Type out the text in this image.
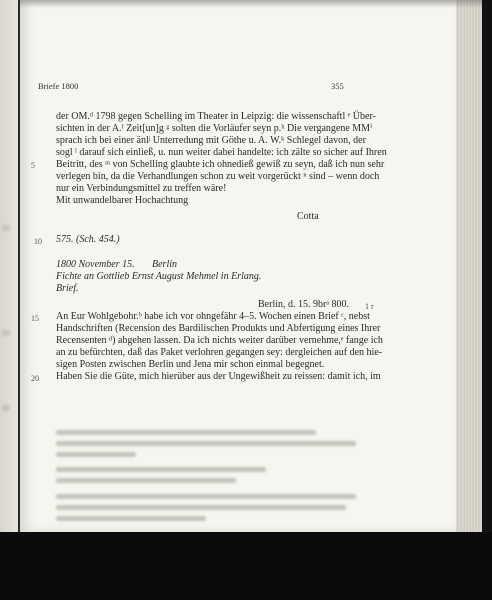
Briefe 1800	355
der OM.ᵈ 1798 gegen Schelling im Theater in Leipzig: die wissenschaftl ᵉ Über-
sichten in der A.ᶠ Zeit[un]g ᵍ solten die Vorläufer seyn p.ʰ Die vergangene MMⁱ
sprach ich bei einer änlʲ Unterredung mit Göthe u. A. W.ᵏ Schlegel davon, der
sogl ˡ darauf sich einließ, u. nun weiter dabei handelte: ich zälte so sicher auf Ihren
5 Beitritt, des ᵐ von Schelling glaubte ich ohnedieß gewiß zu seyn, daß ich nun sehr
verlegen bin, da die Verhandlungen schon zu weit vorgerückt ⁿ sind – wenn doch
nur ein Verbindungsmittel zu treffen wäre!
Mit unwandelbarer Hochachtung
Cotta
10 575. (Sch. 454.)
1800 November 15. Berlin
Fichte an Gottlieb Ernst August Mehmel in Erlang.
Brief.
Berlin, d. 15. 9brᵃ 800. 1 r
15 An Eur Wohlgebohr.ᵇ habe ich vor ohngefähr 4–5. Wochen einen Brief ᶜ, nebst
Handschriften (Recension des Bardilischen Produkts und Abfertigung eines Ihrer
Recensenten ᵈ) abgehen lassen. Da ich nichts weiter darüber vernehme,ᵉ fange ich
an zu befürchten, daß das Paket verlohren gegangen sey: dergleichen auf den hie-
sigen Posten zwischen Berlin und Jena mir schon einmal begegnet.
20 Haben Sie die Güte, mich hierüber aus der Ungewißheit zu reissen: damit ich, im
